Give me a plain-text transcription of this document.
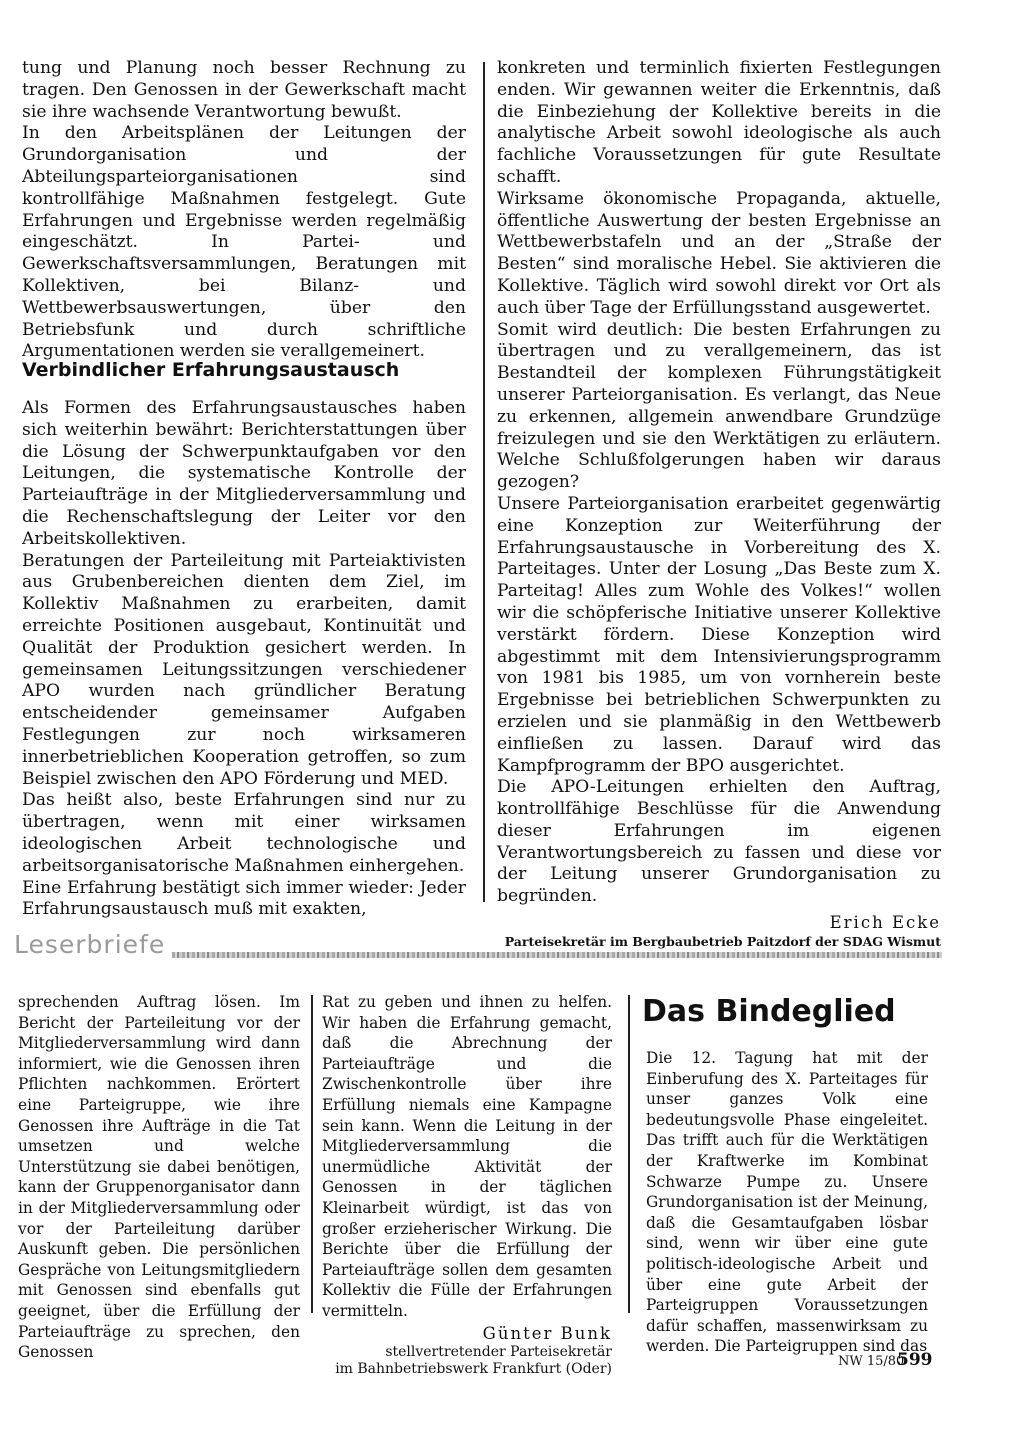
tung und Planung noch besser Rechnung zu tragen. Den Genossen in der Gewerkschaft macht sie ihre wachsende Verantwortung bewußt.

In den Arbeitsplänen der Leitungen der Grundorganisation und der Abteilungsparteiorganisationen sind kontrollfähige Maßnahmen festgelegt. Gute Erfahrungen und Ergebnisse werden regelmäßig eingeschätzt. In Partei- und Gewerkschaftsversammlungen, Beratungen mit Kollektiven, bei Bilanz- und Wettbewerbsauswertungen, über den Betriebsfunk und durch schriftliche Argumentationen werden sie verallgemeinert.

Verbindlicher Erfahrungsaustausch

Als Formen des Erfahrungsaustausches haben sich weiterhin bewährt: Berichterstattungen über die Lösung der Schwerpunktaufgaben vor den Leitungen, die systematische Kontrolle der Parteiaufträge in der Mitgliederversammlung und die Rechenschaftslegung der Leiter vor den Arbeitskollektiven.

Beratungen der Parteileitung mit Parteiaktivisten aus Grubenbereichen dienten dem Ziel, im Kollektiv Maßnahmen zu erarbeiten, damit erreichte Positionen ausgebaut, Kontinuität und Qualität der Produktion gesichert werden. In gemeinsamen Leitungssitzungen verschiedener APO wurden nach gründlicher Beratung entscheidender gemeinsamer Aufgaben Festlegungen zur noch wirksameren innerbetrieblichen Kooperation getroffen, so zum Beispiel zwischen den APO Förderung und MED.

Das heißt also, beste Erfahrungen sind nur zu übertragen, wenn mit einer wirksamen ideologischen Arbeit technologische und arbeitsorganisatorische Maßnahmen einhergehen.

Eine Erfahrung bestätigt sich immer wieder: Jeder Erfahrungsaustausch muß mit exakten,

konkreten und terminlich fixierten Festlegungen enden. Wir gewannen weiter die Erkenntnis, daß die Einbeziehung der Kollektive bereits in die analytische Arbeit sowohl ideologische als auch fachliche Voraussetzungen für gute Resultate schafft.

Wirksame ökonomische Propaganda, aktuelle, öffentliche Auswertung der besten Ergebnisse an Wettbewerbstafeln und an der „Straße der Besten“ sind moralische Hebel. Sie aktivieren die Kollektive. Täglich wird sowohl direkt vor Ort als auch über Tage der Erfüllungsstand ausgewertet.

Somit wird deutlich: Die besten Erfahrungen zu übertragen und zu verallgemeinern, das ist Bestandteil der komplexen Führungstätigkeit unserer Parteiorganisation. Es verlangt, das Neue zu erkennen, allgemein anwendbare Grundzüge freizulegen und sie den Werktätigen zu erläutern. Welche Schlußfolgerungen haben wir daraus gezogen?

Unsere Parteiorganisation erarbeitet gegenwärtig eine Konzeption zur Weiterführung der Erfahrungsaustausche in Vorbereitung des X. Parteitages. Unter der Losung „Das Beste zum X. Parteitag! Alles zum Wohle des Volkes!“ wollen wir die schöpferische Initiative unserer Kollektive verstärkt fördern. Diese Konzeption wird abgestimmt mit dem Intensivierungsprogramm von 1981 bis 1985, um von vornherein beste Ergebnisse bei betrieblichen Schwerpunkten zu erzielen und sie planmäßig in den Wettbewerb einfließen zu lassen. Darauf wird das Kampfprogramm der BPO ausgerichtet.

Die APO-Leitungen erhielten den Auftrag, kontrollfähige Beschlüsse für die Anwendung dieser Erfahrungen im eigenen Verantwortungsbereich zu fassen und diese vor der Leitung unserer Grundorganisation zu begründen.

Erich Ecke
Parteisekretär im Bergbaubetrieb Paitzdorf der SDAG Wismut
Leserbriefe

sprechenden Auftrag lösen. Im Bericht der Parteileitung vor der Mitgliederversammlung wird dann informiert, wie die Genossen ihren Pflichten nachkommen. Erörtert eine Parteigruppe, wie ihre Genossen ihre Aufträge in die Tat umsetzen und welche Unterstützung sie dabei benötigen, kann der Gruppenorganisator dann in der Mitgliederversammlung oder vor der Parteileitung darüber Auskunft geben. Die persönlichen Gespräche von Leitungsmitgliedern mit Genossen sind ebenfalls gut geeignet, über die Erfüllung der Parteiaufträge zu sprechen, den Genossen

Rat zu geben und ihnen zu helfen. Wir haben die Erfahrung gemacht, daß die Abrechnung der Parteiaufträge und die Zwischenkontrolle über ihre Erfüllung niemals eine Kampagne sein kann. Wenn die Leitung in der Mitgliederversammlung die unermüdliche Aktivität der Genossen in der täglichen Kleinarbeit würdigt, ist das von großer erzieherischer Wirkung. Die Berichte über die Erfüllung der Parteiaufträge sollen dem gesamten Kollektiv die Fülle der Erfahrungen vermitteln.

Günter Bunk
stellvertretender Parteisekretär
im Bahnbetriebswerk Frankfurt (Oder)
Das Bindeglied

Die 12. Tagung hat mit der Einberufung des X. Parteitages für unser ganzes Volk eine bedeutungsvolle Phase eingeleitet. Das trifft auch für die Werktätigen der Kraftwerke im Kombinat Schwarze Pumpe zu. Unsere Grundorganisation ist der Meinung, daß die Gesamtaufgaben lösbar sind, wenn wir über eine gute politisch-ideologische Arbeit und über eine gute Arbeit der Parteigruppen Voraussetzungen dafür schaffen, massenwirksam zu werden. Die Parteigruppen sind das

NW 15/80
599
